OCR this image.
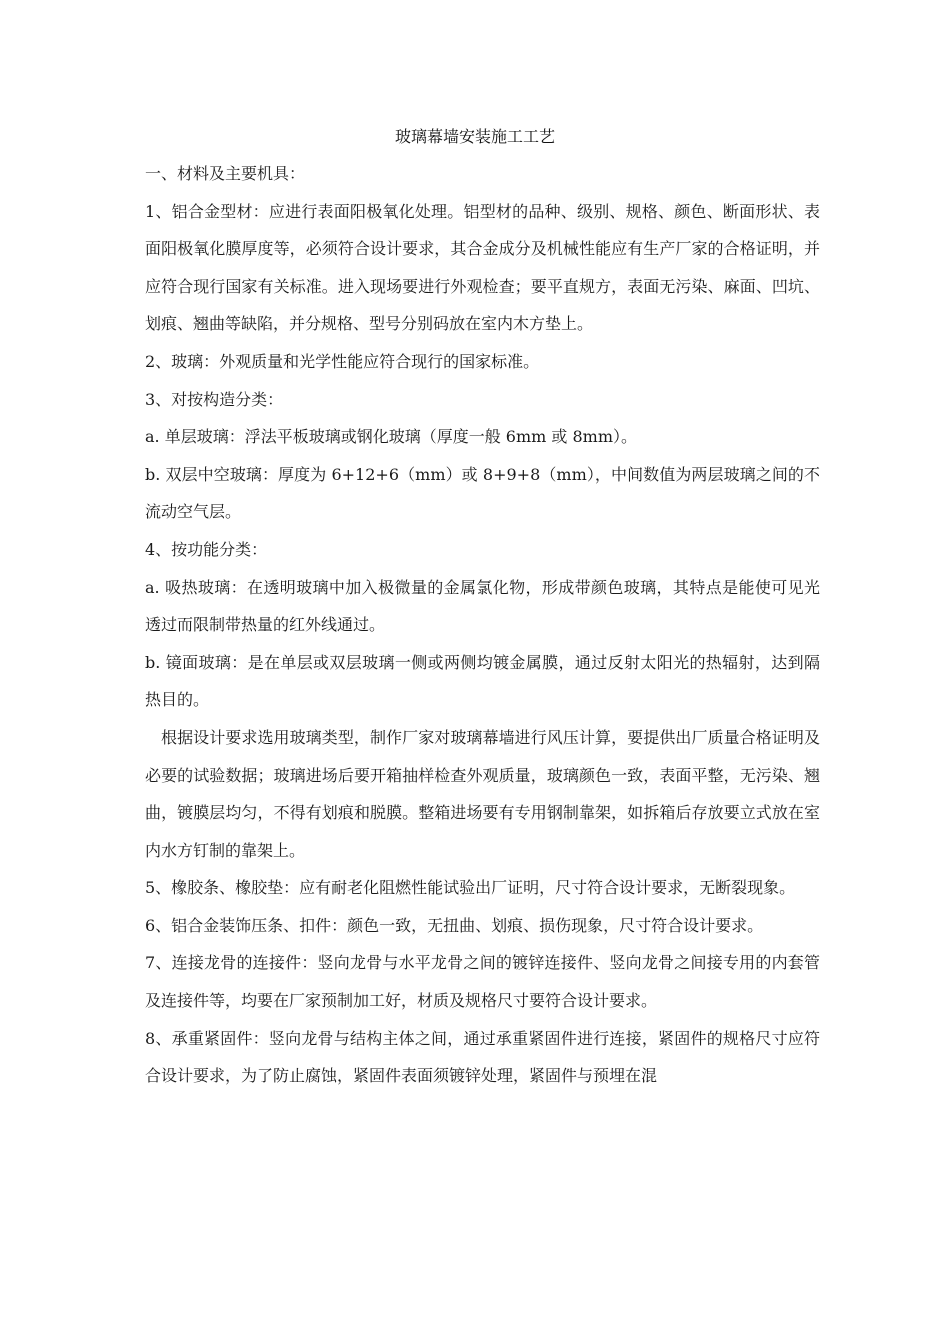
玻璃幕墙安装施工工艺

一、材料及主要机具：

1、铝合金型材：应进行表面阳极氧化处理。铝型材的品种、级别、规格、颜色、断面形状、表面阳极氧化膜厚度等，必须符合设计要求，其合金成分及机械性能应有生产厂家的合格证明，并应符合现行国家有关标准。进入现场要进行外观检查；要平直规方，表面无污染、麻面、凹坑、划痕、翘曲等缺陷，并分规格、型号分别码放在室内木方垫上。

2、玻璃：外观质量和光学性能应符合现行的国家标准。

3、对按构造分类：

a. 单层玻璃：浮法平板玻璃或钢化玻璃（厚度一般 6mm 或 8mm）。

b. 双层中空玻璃：厚度为 6+12+6（mm）或 8+9+8（mm），中间数值为两层玻璃之间的不流动空气层。

4、按功能分类：

a. 吸热玻璃：在透明玻璃中加入极微量的金属氯化物，形成带颜色玻璃，其特点是能使可见光透过而限制带热量的红外线通过。

b. 镜面玻璃：是在单层或双层玻璃一侧或两侧均镀金属膜，通过反射太阳光的热辐射，达到隔热目的。

根据设计要求选用玻璃类型，制作厂家对玻璃幕墙进行风压计算，要提供出厂质量合格证明及必要的试验数据；玻璃进场后要开箱抽样检查外观质量，玻璃颜色一致，表面平整，无污染、翘曲，镀膜层均匀，不得有划痕和脱膜。整箱进场要有专用钢制靠架，如拆箱后存放要立式放在室内水方钉制的靠架上。

5、橡胶条、橡胶垫：应有耐老化阻燃性能试验出厂证明，尺寸符合设计要求，无断裂现象。

6、铝合金装饰压条、扣件：颜色一致，无扭曲、划痕、损伤现象，尺寸符合设计要求。

7、连接龙骨的连接件：竖向龙骨与水平龙骨之间的镀锌连接件、竖向龙骨之间接专用的内套管及连接件等，均要在厂家预制加工好，材质及规格尺寸要符合设计要求。

8、承重紧固件：竖向龙骨与结构主体之间，通过承重紧固件进行连接，紧固件的规格尺寸应符合设计要求，为了防止腐蚀，紧固件表面须镀锌处理，紧固件与预埋在混
